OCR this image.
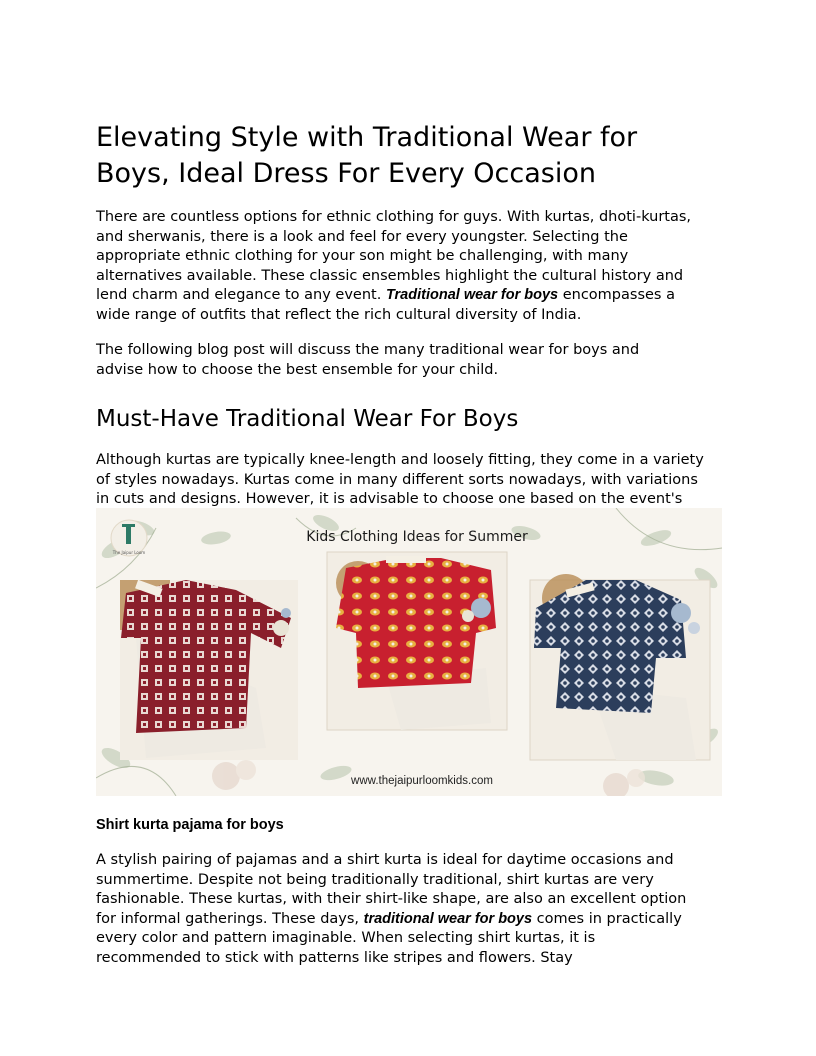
Elevating Style with Traditional Wear for
Boys, Ideal Dress For Every Occasion

There are countless options for ethnic clothing for guys. With kurtas, dhoti-kurtas,
and sherwanis, there is a look and feel for every youngster. Selecting the
appropriate ethnic clothing for your son might be challenging, with many
alternatives available. These classic ensembles highlight the cultural history and
lend charm and elegance to any event. Traditional wear for boys encompasses a
wide range of outfits that reflect the rich cultural diversity of India.

The following blog post will discuss the many traditional wear for boys and
advise how to choose the best ensemble for your child.

Must-Have Traditional Wear For Boys

Although kurtas are typically knee-length and loosely fitting, they come in a variety
of styles nowadays. Kurtas come in many different sorts nowadays, with variations
in cuts and designs. However, it is advisable to choose one based on the event's

Shirt kurta pajama for boys

A stylish pairing of pajamas and a shirt kurta is ideal for daytime occasions and
summertime. Despite not being traditionally traditional, shirt kurtas are very
fashionable. These kurtas, with their shirt-like shape, are also an excellent option
for informal gatherings. These days, traditional wear for boys comes in practically
every color and pattern imaginable. When selecting shirt kurtas, it is
recommended to stick with patterns like stripes and flowers. Stay

The Jaipur Loom
Kids Clothing Ideas for Summer
www.thejaipurloomkids.com
